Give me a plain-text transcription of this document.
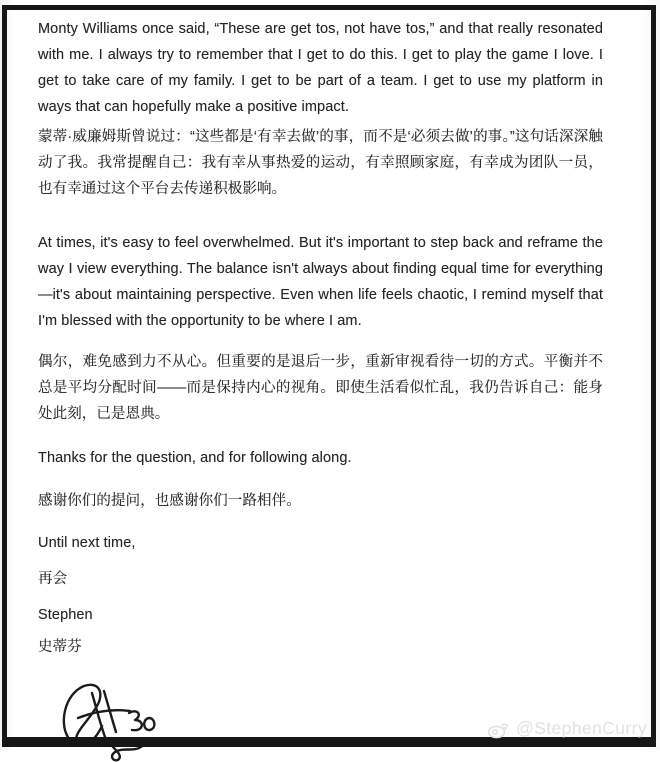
Monty Williams once said, “These are get tos, not have tos,” and that really resonated with me. I always try to remember that I get to do this. I get to play the game I love. I get to take care of my family. I get to be part of a team. I get to use my platform in ways that can hopefully make a positive impact.

蒙蒂·威廉姆斯曾说过：“这些都是‘有幸去做’的事，而不是‘必须去做’的事。”这句话深深触动了我。我常提醒自己：我有幸从事热爱的运动，有幸照顾家庭，有幸成为团队一员，也有幸通过这个平台去传递积极影响。

At times, it's easy to feel overwhelmed. But it's important to step back and reframe the way I view everything. The balance isn't always about finding equal time for everything—it's about maintaining perspective. Even when life feels chaotic, I remind myself that I'm blessed with the opportunity to be where I am.

偶尔，难免感到力不从心。但重要的是退后一步，重新审视看待一切的方式。平衡并不总是平均分配时间——而是保持内心的视角。即使生活看似忙乱，我仍告诉自己：能身处此刻，已是恩典。

Thanks for the question, and for following along.

感谢你们的提问，也感谢你们一路相伴。

Until next time,

再会

Stephen

史蒂芬

@StephenCurry
